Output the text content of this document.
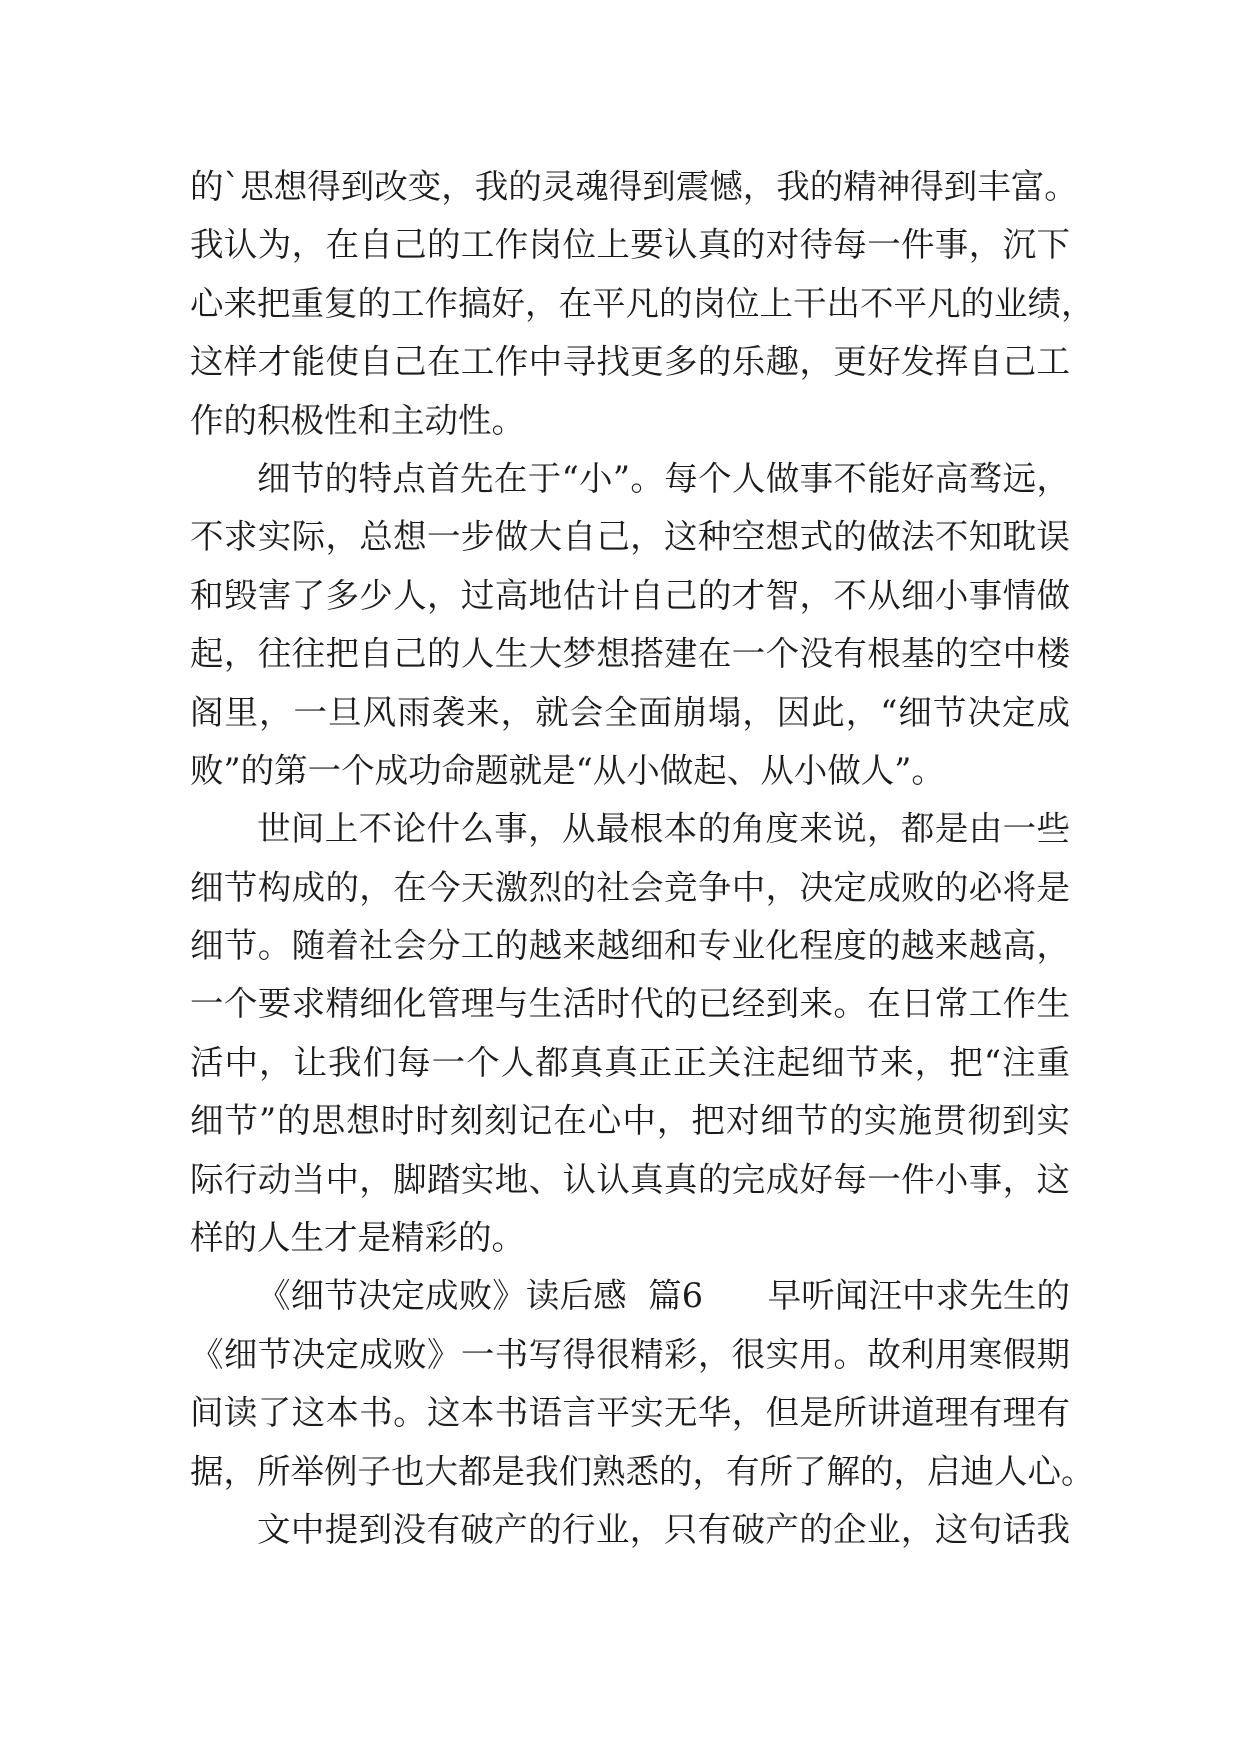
的`思想得到改变，我的灵魂得到震憾，我的精神得到丰富。
我认为，在自己的工作岗位上要认真的对待每一件事，沉下
心来把重复的工作搞好，在平凡的岗位上干出不平凡的业绩，
这样才能使自己在工作中寻找更多的乐趣，更好发挥自己工
作的积极性和主动性。
细节的特点首先在于“小”。每个人做事不能好高骛远，
不求实际，总想一步做大自己，这种空想式的做法不知耽误
和毁害了多少人，过高地估计自己的才智，不从细小事情做
起，往往把自己的人生大梦想搭建在一个没有根基的空中楼
阁里，一旦风雨袭来，就会全面崩塌，因此，“细节决定成
败”的第一个成功命题就是“从小做起、从小做人”。
世间上不论什么事，从最根本的角度来说，都是由一些
细节构成的，在今天激烈的社会竞争中，决定成败的必将是
细节。随着社会分工的越来越细和专业化程度的越来越高，
一个要求精细化管理与生活时代的已经到来。在日常工作生
活中，让我们每一个人都真真正正关注起细节来，把“注重
细节”的思想时时刻刻记在心中，把对细节的实施贯彻到实
际行动当中，脚踏实地、认认真真的完成好每一件小事，这
样的人生才是精彩的。
《细节决定成败》读后感  篇6      早听闻汪中求先生的
《细节决定成败》一书写得很精彩，很实用。故利用寒假期
间读了这本书。这本书语言平实无华，但是所讲道理有理有
据，所举例子也大都是我们熟悉的，有所了解的，启迪人心。
文中提到没有破产的行业，只有破产的企业，这句话我
